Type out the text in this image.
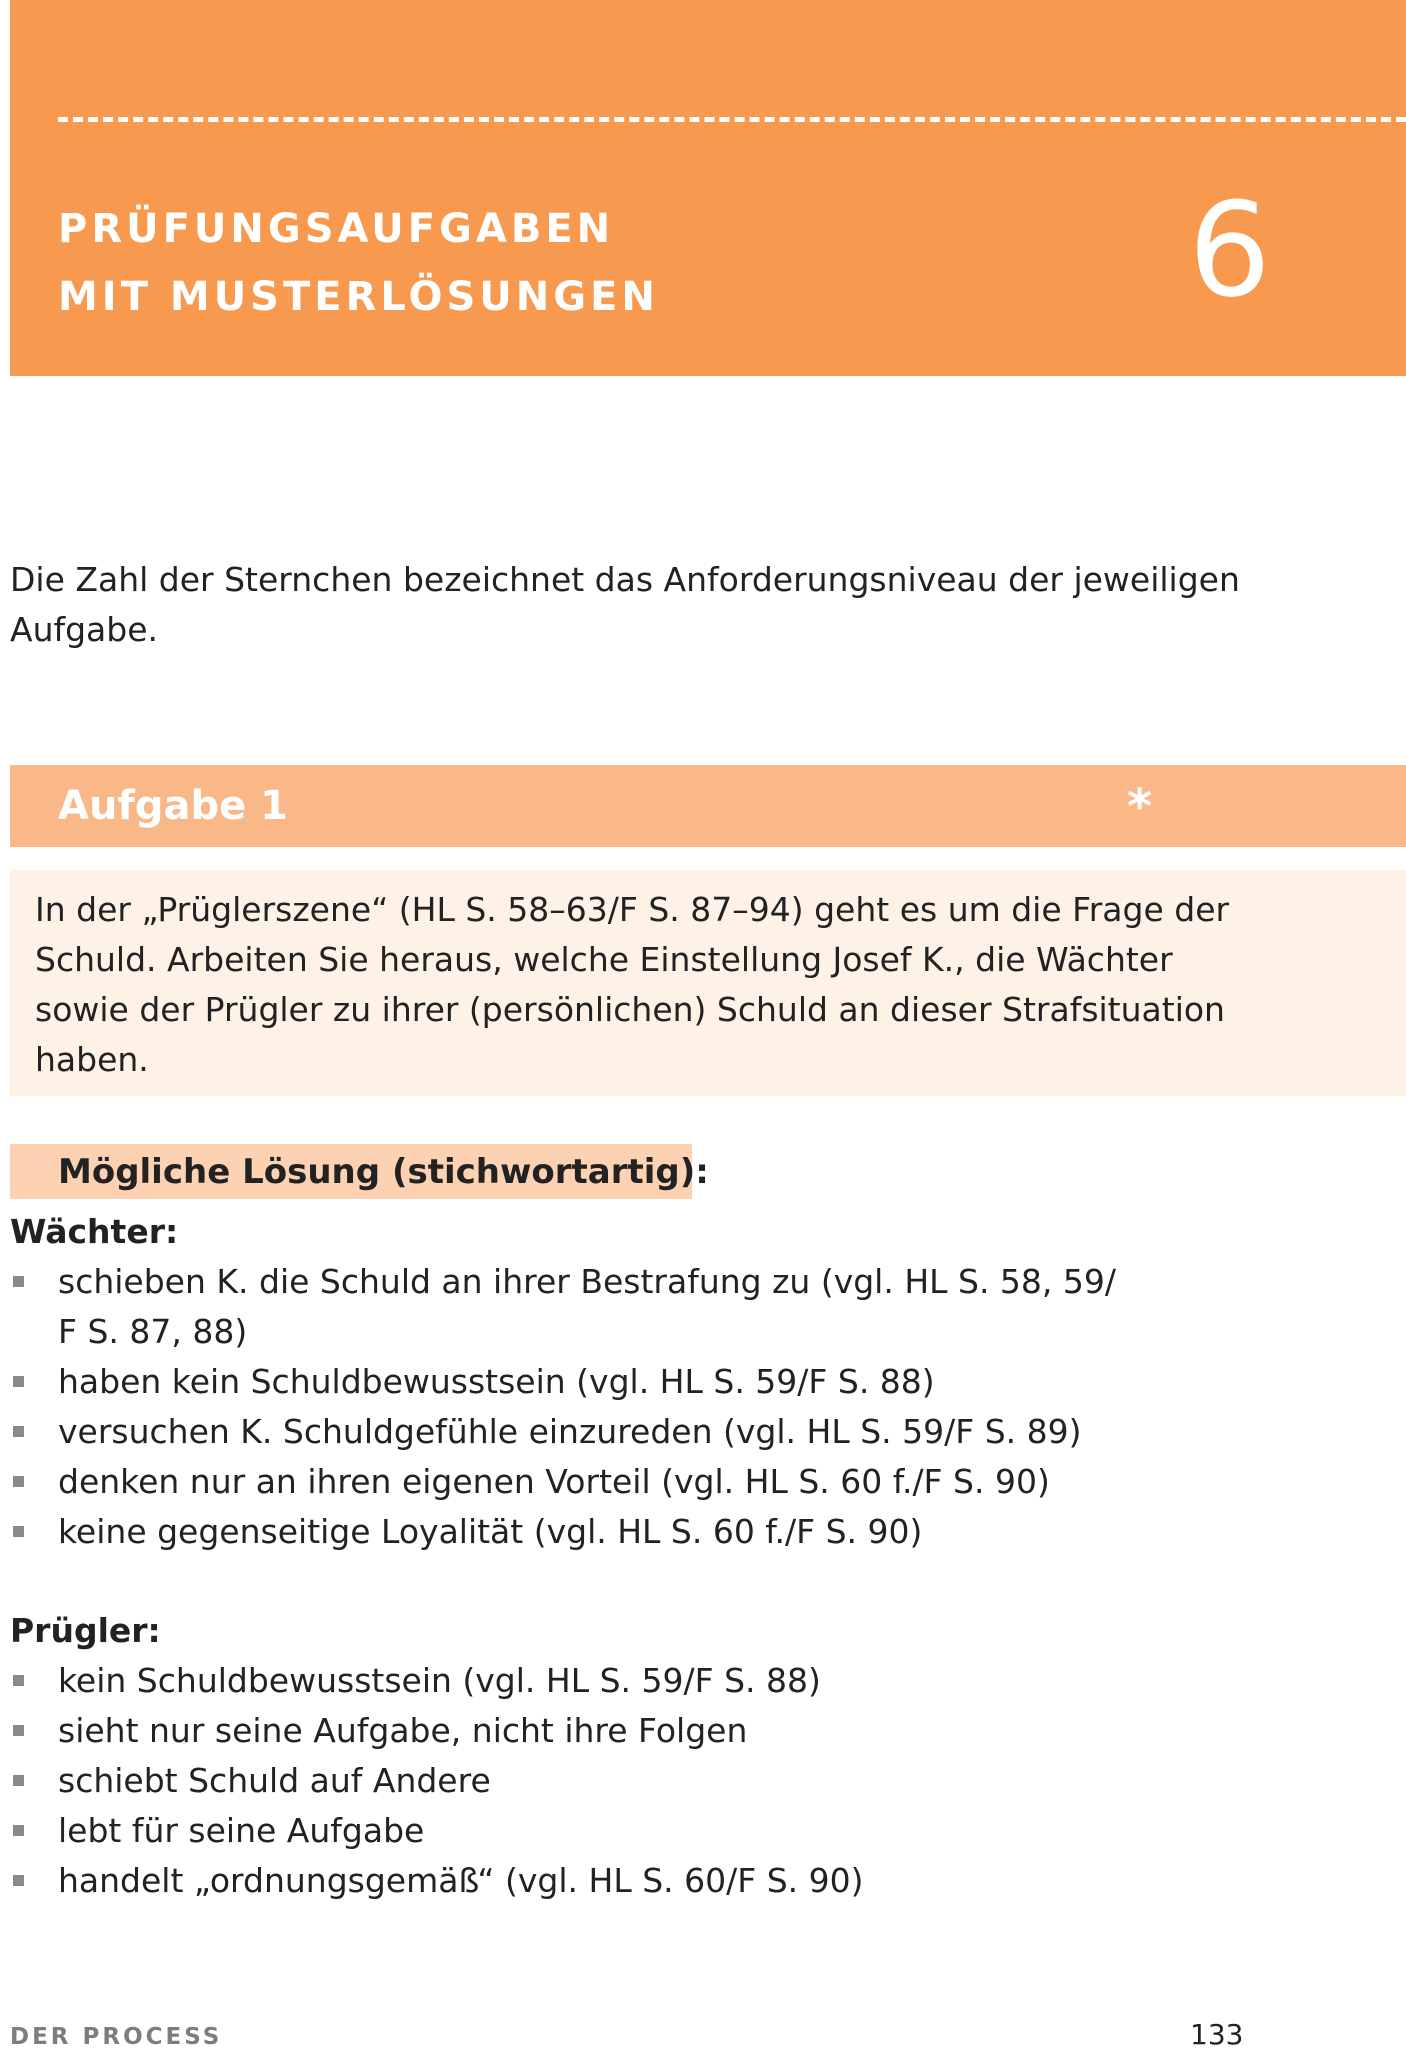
PRÜFUNGSAUFGABEN
MIT MUSTERLÖSUNGEN	6
Die Zahl der Sternchen bezeichnet das Anforderungsniveau der jeweiligen
Aufgabe.
Aufgabe 1	*
In der „Prüglerszene“ (HL S. 58–63/F S. 87–94) geht es um die Frage der
Schuld. Arbeiten Sie heraus, welche Einstellung Josef K., die Wächter
sowie der Prügler zu ihrer (persönlichen) Schuld an dieser Strafsituation
haben.
Mögliche Lösung (stichwortartig):
Wächter:
schieben K. die Schuld an ihrer Bestrafung zu (vgl. HL S. 58, 59/
F S. 87, 88)
haben kein Schuldbewusstsein (vgl. HL S. 59/F S. 88)
versuchen K. Schuldgefühle einzureden (vgl. HL S. 59/F S. 89)
denken nur an ihren eigenen Vorteil (vgl. HL S. 60 f./F S. 90)
keine gegenseitige Loyalität (vgl. HL S. 60 f./F S. 90)
Prügler:
kein Schuldbewusstsein (vgl. HL S. 59/F S. 88)
sieht nur seine Aufgabe, nicht ihre Folgen
schiebt Schuld auf Andere
lebt für seine Aufgabe
handelt „ordnungsgemäß“ (vgl. HL S. 60/F S. 90)
DER PROCESS	133
